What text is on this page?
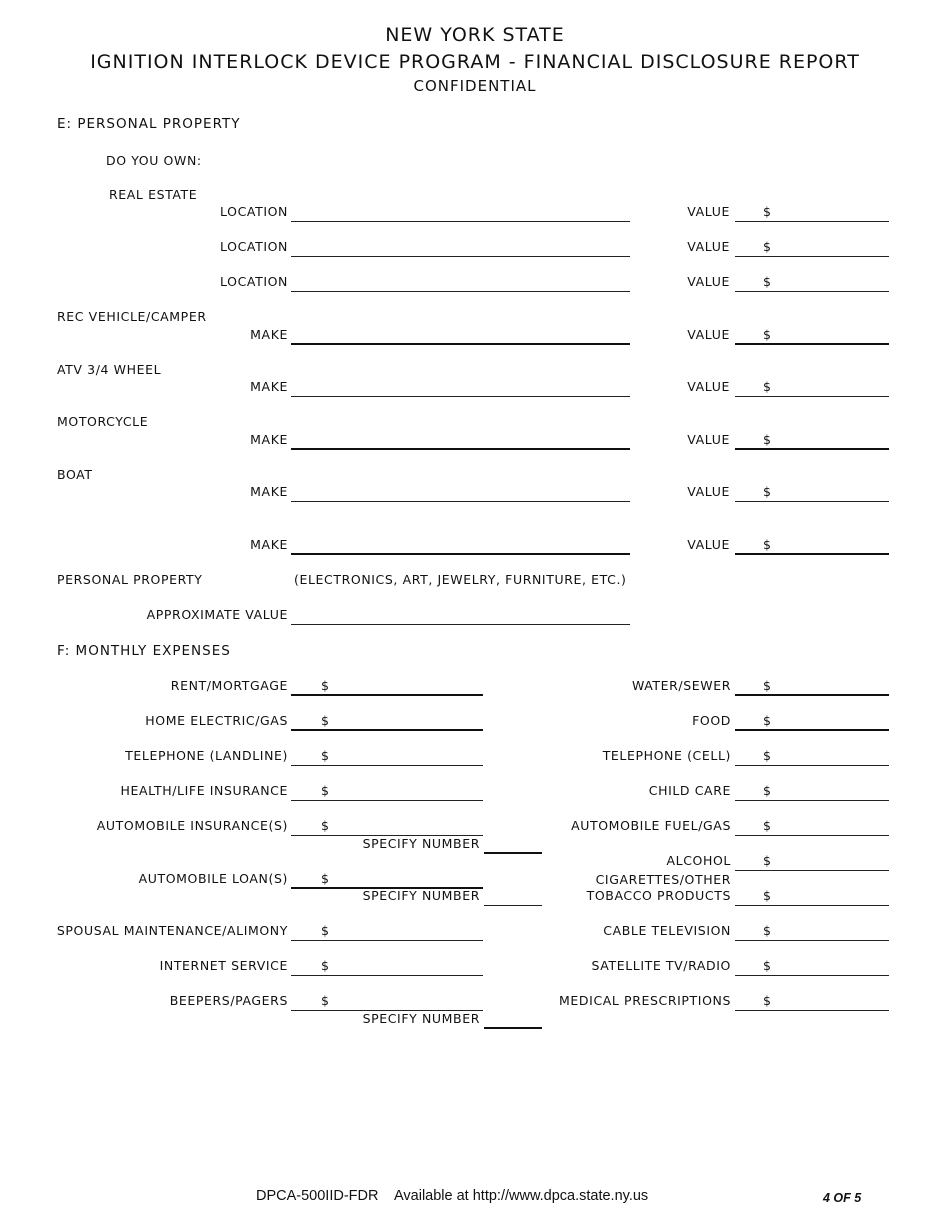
NEW YORK STATE
IGNITION INTERLOCK DEVICE PROGRAM - FINANCIAL DISCLOSURE REPORT
CONFIDENTIAL
E: PERSONAL PROPERTY
DO YOU OWN:
REAL ESTATE
LOCATION	VALUE	$
LOCATION	VALUE	$
LOCATION	VALUE	$
REC VEHICLE/CAMPER
MAKE	VALUE	$
ATV 3/4 WHEEL
MAKE	VALUE	$
MOTORCYCLE
MAKE	VALUE	$
BOAT
MAKE	VALUE	$
MAKE	VALUE	$
PERSONAL PROPERTY	(ELECTRONICS, ART, JEWELRY, FURNITURE, ETC.)
APPROXIMATE VALUE
F: MONTHLY EXPENSES
RENT/MORTGAGE	$
HOME ELECTRIC/GAS	$
TELEPHONE (LANDLINE)	$
HEALTH/LIFE INSURANCE	$
AUTOMOBILE INSURANCE(S)	$
SPECIFY NUMBER
AUTOMOBILE LOAN(S)	$
SPECIFY NUMBER
SPOUSAL MAINTENANCE/ALIMONY	$
INTERNET SERVICE	$
BEEPERS/PAGERS	$
SPECIFY NUMBER
WATER/SEWER	$
FOOD	$
TELEPHONE (CELL)	$
CHILD CARE	$
AUTOMOBILE FUEL/GAS	$
ALCOHOL	$
CIGARETTES/OTHER
TOBACCO PRODUCTS	$
CABLE TELEVISION	$
SATELLITE TV/RADIO	$
MEDICAL PRESCRIPTIONS	$
DPCA-500IID-FDR Available at http://www.dpca.state.ny.us	4 OF 5
